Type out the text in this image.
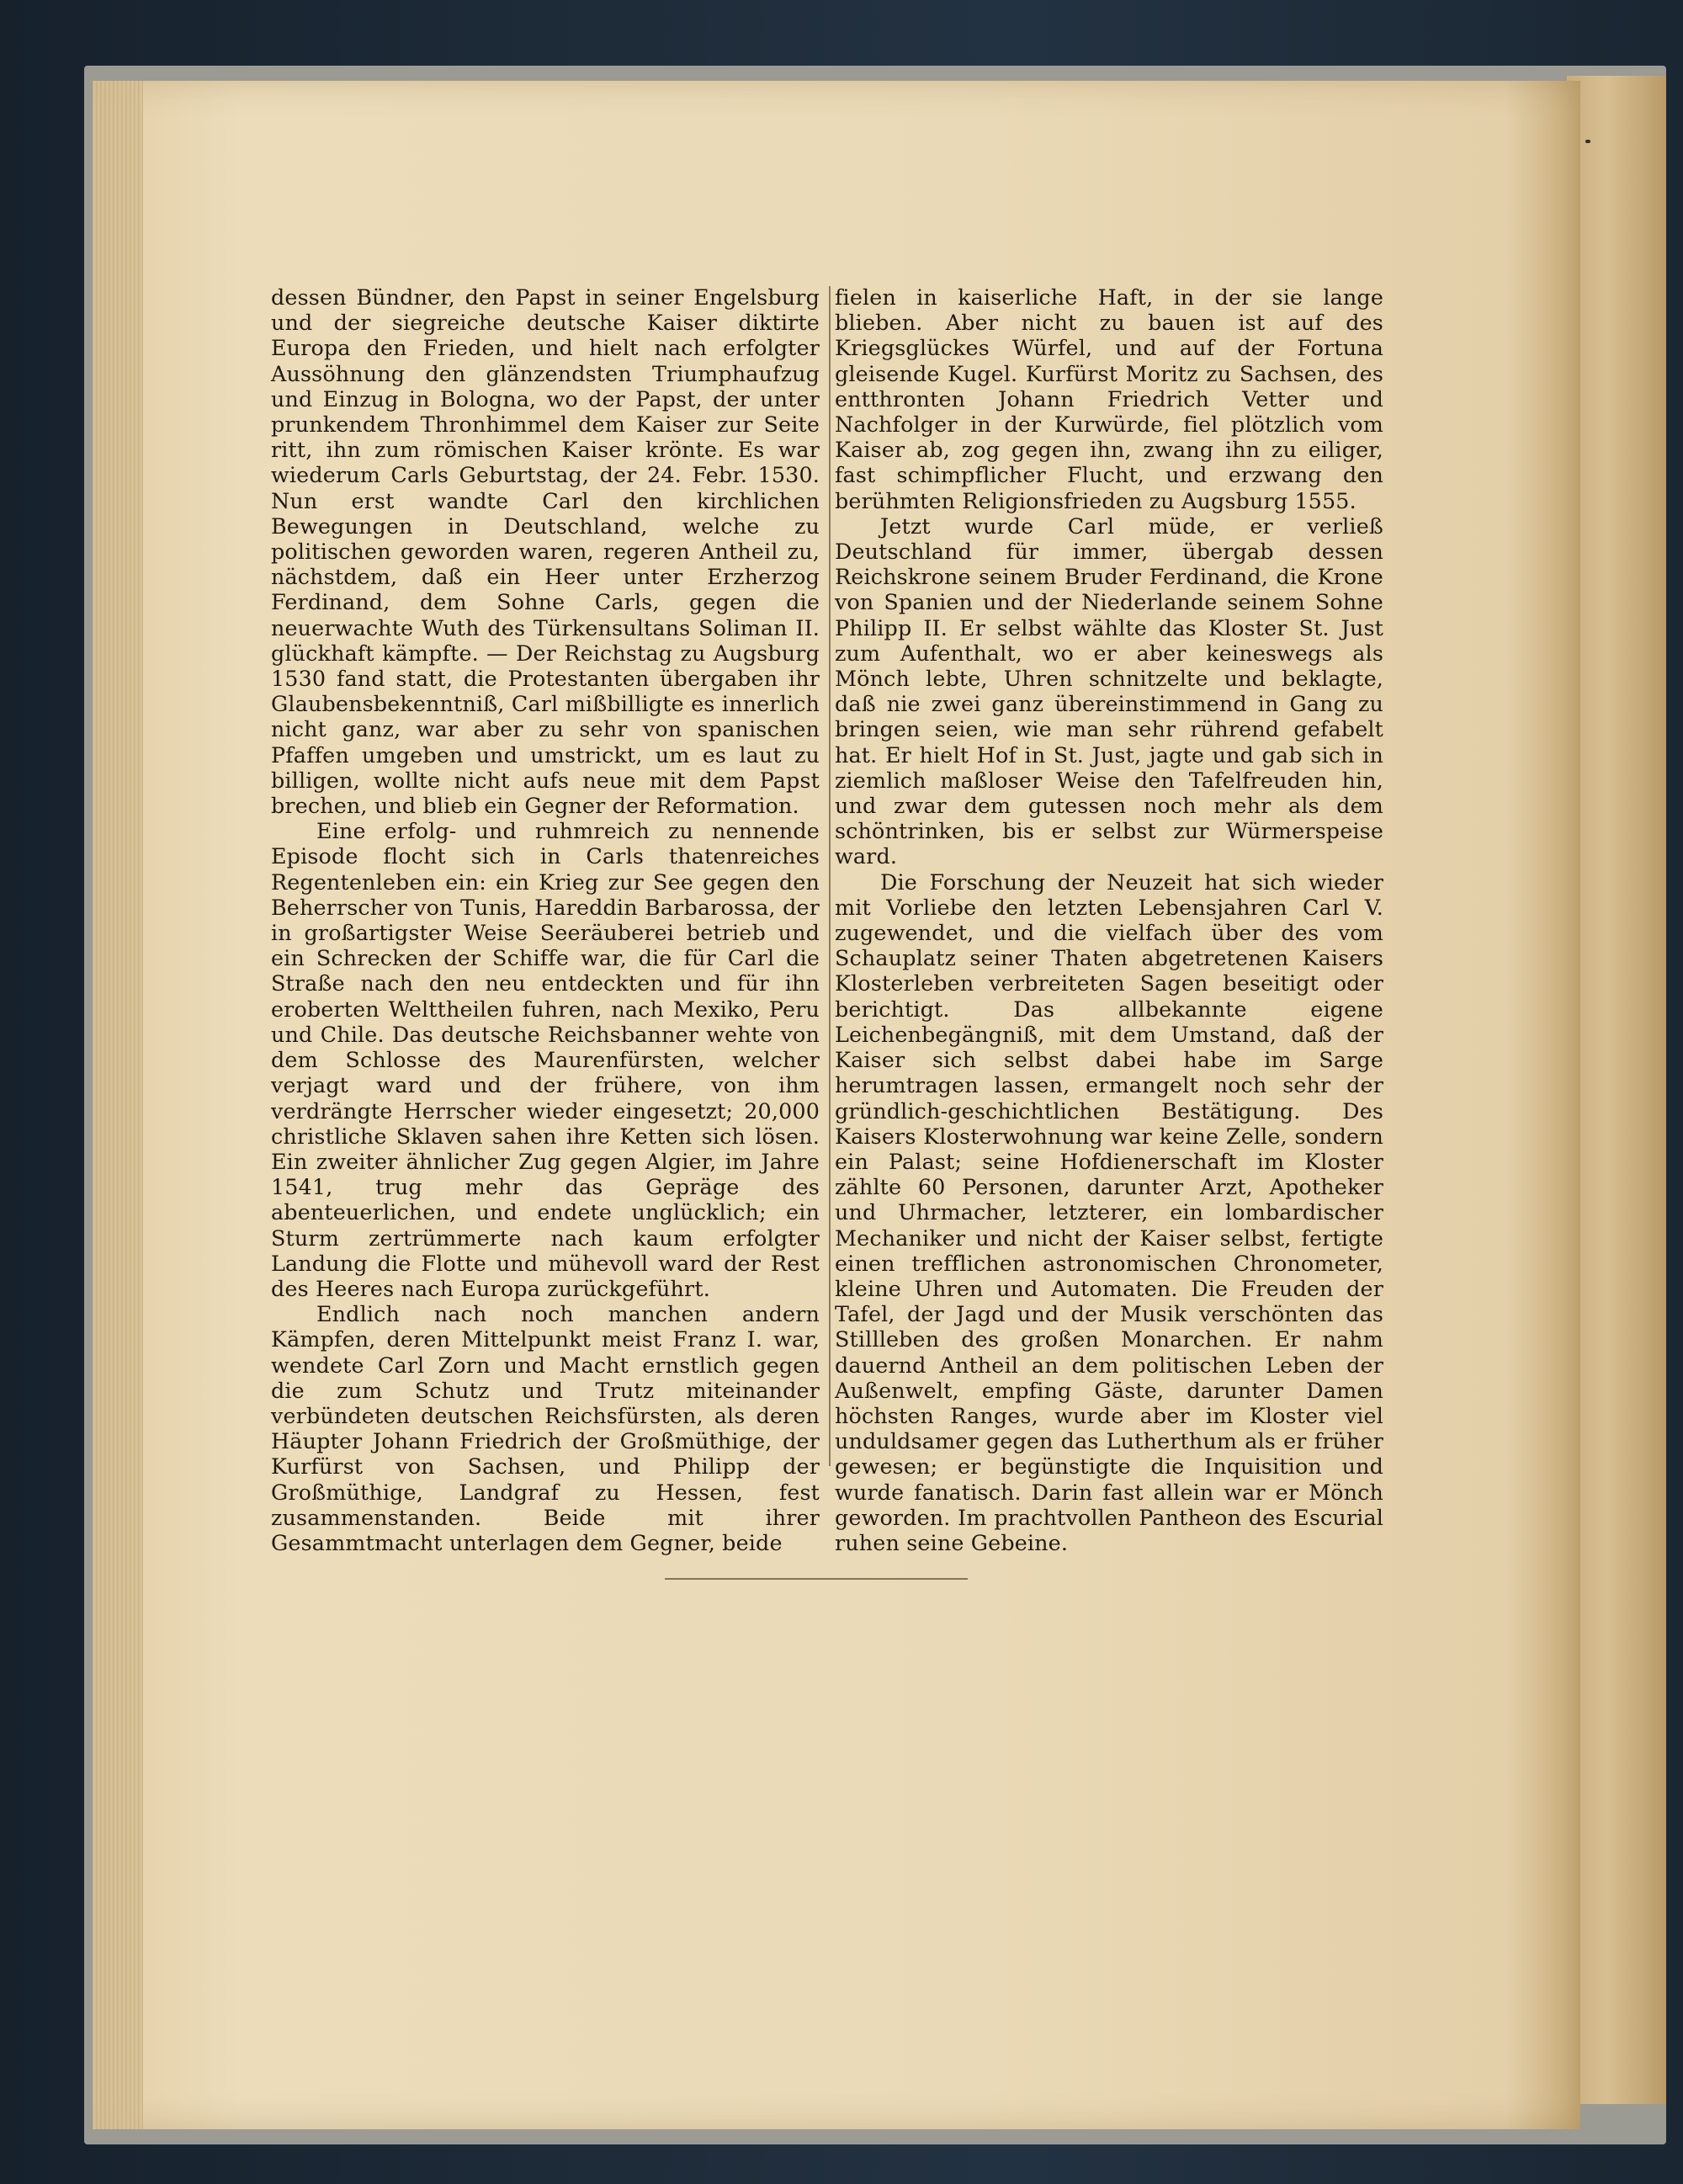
dessen Bündner, den Papst in seiner Engelsburg und der siegreiche deutsche Kaiser diktirte Europa den Frieden, und hielt nach erfolgter Aussöhnung den glänzendsten Triumphaufzug und Einzug in Bologna, wo der Papst, der unter prunkendem Thronhimmel dem Kaiser zur Seite ritt, ihn zum römischen Kaiser krönte. Es war wiederum Carls Geburtstag, der 24. Febr. 1530. Nun erst wandte Carl den kirchlichen Bewegungen in Deutschland, welche zu politischen geworden waren, regeren Antheil zu, nächstdem, daß ein Heer unter Erzherzog Ferdinand, dem Sohne Carls, gegen die neuerwachte Wuth des Türkensultans Soliman II. glückhaft kämpfte. — Der Reichstag zu Augsburg 1530 fand statt, die Protestanten übergaben ihr Glaubensbekenntniß, Carl mißbilligte es innerlich nicht ganz, war aber zu sehr von spanischen Pfaffen umgeben und umstrickt, um es laut zu billigen, wollte nicht aufs neue mit dem Papst brechen, und blieb ein Gegner der Reformation.

Eine erfolg- und ruhmreich zu nennende Episode flocht sich in Carls thatenreiches Regentenleben ein: ein Krieg zur See gegen den Beherrscher von Tunis, Hareddin Barbarossa, der in großartigster Weise Seeräuberei betrieb und ein Schrecken der Schiffe war, die für Carl die Straße nach den neu entdeckten und für ihn eroberten Welttheilen fuhren, nach Mexiko, Peru und Chile. Das deutsche Reichsbanner wehte von dem Schlosse des Maurenfürsten, welcher verjagt ward und der frühere, von ihm verdrängte Herrscher wieder eingesetzt; 20,000 christliche Sklaven sahen ihre Ketten sich lösen. Ein zweiter ähnlicher Zug gegen Algier, im Jahre 1541, trug mehr das Gepräge des abenteuerlichen, und endete unglücklich; ein Sturm zertrümmerte nach kaum erfolgter Landung die Flotte und mühevoll ward der Rest des Heeres nach Europa zurückgeführt.

Endlich nach noch manchen andern Kämpfen, deren Mittelpunkt meist Franz I. war, wendete Carl Zorn und Macht ernstlich gegen die zum Schutz und Trutz miteinander verbündeten deutschen Reichsfürsten, als deren Häupter Johann Friedrich der Großmüthige, der Kurfürst von Sachsen, und Philipp der Großmüthige, Landgraf zu Hessen, fest zusammenstanden. Beide mit ihrer Gesammtmacht unterlagen dem Gegner, beide

fielen in kaiserliche Haft, in der sie lange blieben. Aber nicht zu bauen ist auf des Kriegsglückes Würfel, und auf der Fortuna gleisende Kugel. Kurfürst Moritz zu Sachsen, des entthronten Johann Friedrich Vetter und Nachfolger in der Kurwürde, fiel plötzlich vom Kaiser ab, zog gegen ihn, zwang ihn zu eiliger, fast schimpflicher Flucht, und erzwang den berühmten Religionsfrieden zu Augsburg 1555.

Jetzt wurde Carl müde, er verließ Deutschland für immer, übergab dessen Reichskrone seinem Bruder Ferdinand, die Krone von Spanien und der Niederlande seinem Sohne Philipp II. Er selbst wählte das Kloster St. Just zum Aufenthalt, wo er aber keineswegs als Mönch lebte, Uhren schnitzelte und beklagte, daß nie zwei ganz übereinstimmend in Gang zu bringen seien, wie man sehr rührend gefabelt hat. Er hielt Hof in St. Just, jagte und gab sich in ziemlich maßloser Weise den Tafelfreuden hin, und zwar dem gutessen noch mehr als dem schöntrinken, bis er selbst zur Würmerspeise ward.

Die Forschung der Neuzeit hat sich wieder mit Vorliebe den letzten Lebensjahren Carl V. zugewendet, und die vielfach über des vom Schauplatz seiner Thaten abgetretenen Kaisers Klosterleben verbreiteten Sagen beseitigt oder berichtigt. Das allbekannte eigene Leichenbegängniß, mit dem Umstand, daß der Kaiser sich selbst dabei habe im Sarge herumtragen lassen, ermangelt noch sehr der gründlich-geschichtlichen Bestätigung. Des Kaisers Klosterwohnung war keine Zelle, sondern ein Palast; seine Hofdienerschaft im Kloster zählte 60 Personen, darunter Arzt, Apotheker und Uhrmacher, letzterer, ein lombardischer Mechaniker und nicht der Kaiser selbst, fertigte einen trefflichen astronomischen Chronometer, kleine Uhren und Automaten. Die Freuden der Tafel, der Jagd und der Musik verschönten das Stillleben des großen Monarchen. Er nahm dauernd Antheil an dem politischen Leben der Außenwelt, empfing Gäste, darunter Damen höchsten Ranges, wurde aber im Kloster viel unduldsamer gegen das Lutherthum als er früher gewesen; er begünstigte die Inquisition und wurde fanatisch. Darin fast allein war er Mönch geworden. Im prachtvollen Pantheon des Escurial ruhen seine Gebeine.
